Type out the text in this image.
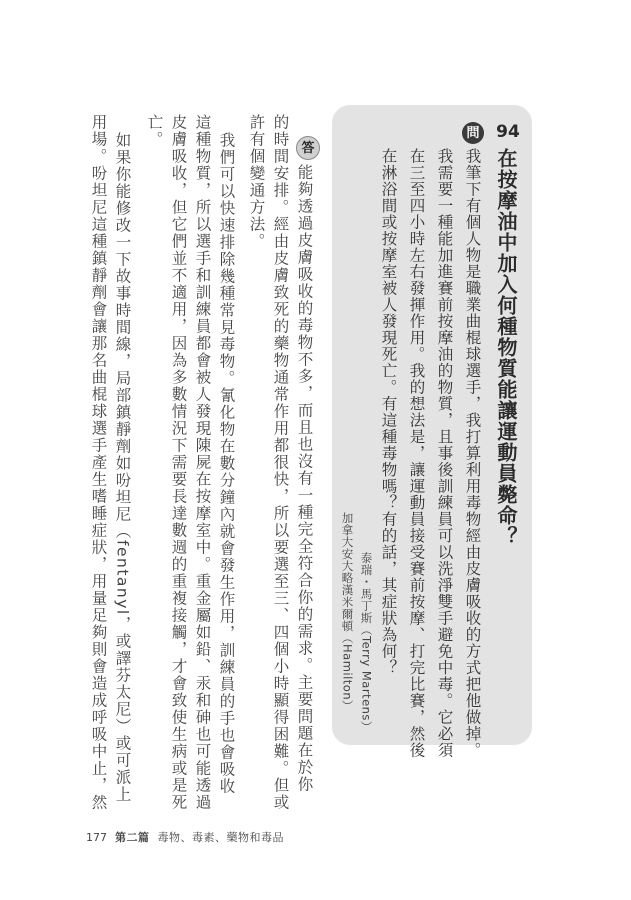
94
在按摩油中加入何種物質能讓運動員斃命？
問
我筆下有個人物是職業曲棍球選手，我打算利用毒物經由皮膚吸收的方式把他做掉。
我需要一種能加進賽前按摩油的物質，且事後訓練員可以洗淨雙手避免中毒。它必須
在三至四小時左右發揮作用。我的想法是，讓運動員接受賽前按摩、打完比賽，然後
在淋浴間或按摩室被人發現死亡。有這種毒物嗎？有的話，其症狀為何？
泰瑞・馬丁斯（Terry Martens）
加拿大安大略漢米爾頓（Hamilton）
答
能夠透過皮膚吸收的毒物不多，而且也沒有一種完全符合你的需求。主要問題在於你
的時間安排。經由皮膚致死的藥物通常作用都很快，所以要選至三、四個小時顯得困難。但或
許有個變通方法。
我們可以快速排除幾種常見毒物。氰化物在數分鐘內就會發生作用，訓練員的手也會吸收
這種物質，所以選手和訓練員都會被人發現陳屍在按摩室中。重金屬如鉛、汞和砷也可能透過
皮膚吸收，但它們並不適用，因為多數情況下需要長達數週的重複接觸，才會致使生病或是死
亡。
如果你能修改一下故事時間線，局部鎮靜劑如吩坦尼（fentanyl，或譯芬太尼）或可派上
用場。吩坦尼這種鎮靜劑會讓那名曲棍球選手產生嗜睡症狀，用量足夠則會造成呼吸中止，然
177 第二篇 毒物、毒素、藥物和毒品
